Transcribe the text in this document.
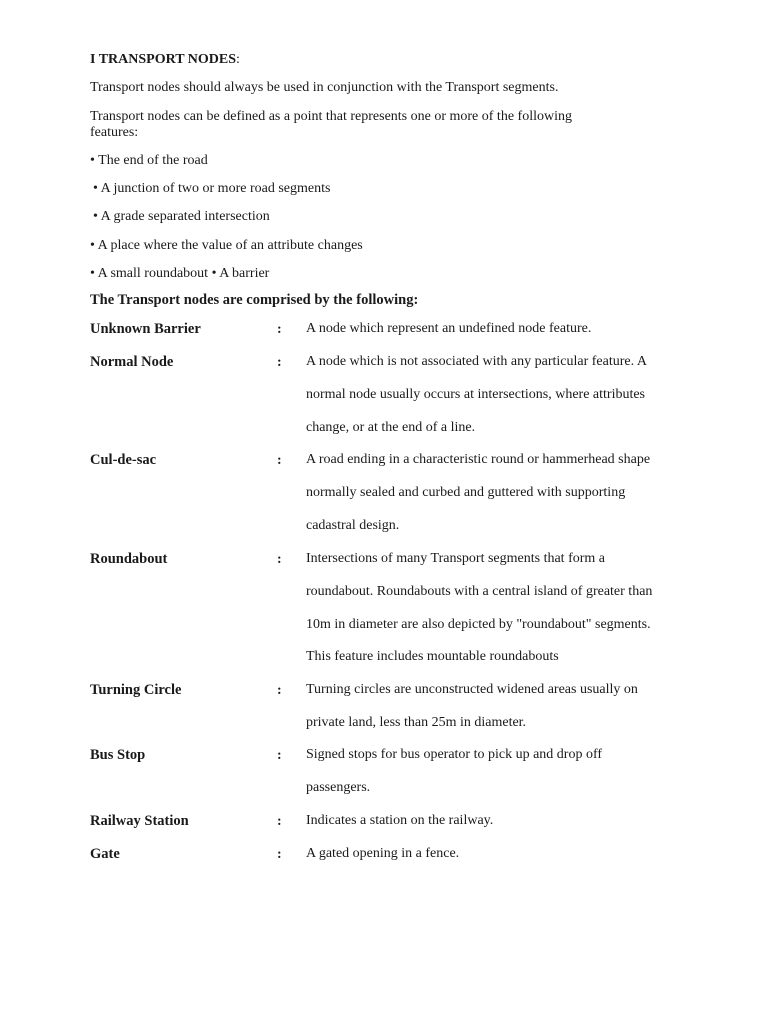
I TRANSPORT NODES:
Transport nodes should always be used in conjunction with the Transport segments.
Transport nodes can be defined as a point that represents one or more of the following
features:
• The end of the road
• A junction of two or more road segments
• A grade separated intersection
• A place where the value of an attribute changes
• A small roundabout • A barrier
The Transport nodes are comprised by the following:
Unknown Barrier	: A node which represent an undefined node feature.
Normal Node	: A node which is not associated with any particular feature. A
normal node usually occurs at intersections, where attributes
change, or at the end of a line.
Cul-de-sac	: A road ending in a characteristic round or hammerhead shape
normally sealed and curbed and guttered with supporting
cadastral design.
Roundabout	: Intersections of many Transport segments that form a
roundabout. Roundabouts with a central island of greater than
10m in diameter are also depicted by "roundabout" segments.
This feature includes mountable roundabouts
Turning Circle	: Turning circles are unconstructed widened areas usually on
private land, less than 25m in diameter.
Bus Stop	: Signed stops for bus operator to pick up and drop off
passengers.
Railway Station	: Indicates a station on the railway.
Gate	: A gated opening in a fence.
